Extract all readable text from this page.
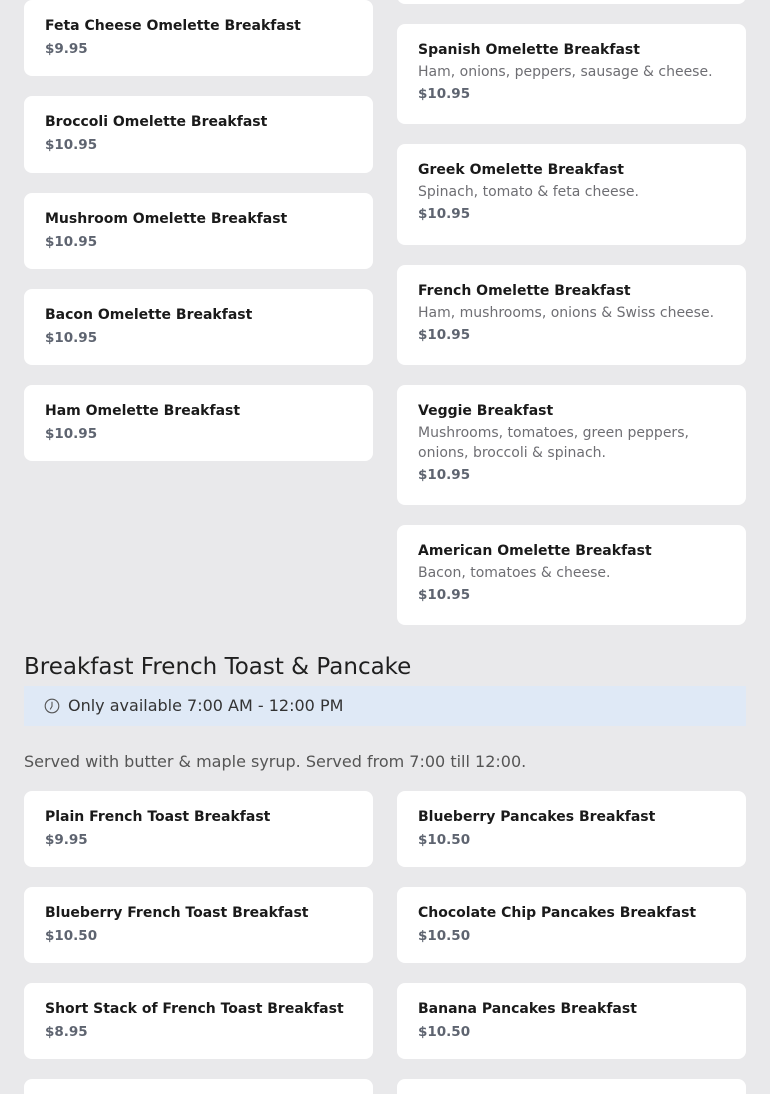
Feta Cheese Omelette Breakfast
$9.95
Broccoli Omelette Breakfast
$10.95
Mushroom Omelette Breakfast
$10.95
Bacon Omelette Breakfast
$10.95
Ham Omelette Breakfast
$10.95
Spanish Omelette Breakfast
Ham, onions, peppers, sausage & cheese.
$10.95
Greek Omelette Breakfast
Spinach, tomato & feta cheese.
$10.95
French Omelette Breakfast
Ham, mushrooms, onions & Swiss cheese.
$10.95
Veggie Breakfast
Mushrooms, tomatoes, green peppers, onions, broccoli & spinach.
$10.95
American Omelette Breakfast
Bacon, tomatoes & cheese.
$10.95
Breakfast French Toast & Pancake
Only available 7:00 AM - 12:00 PM
Served with butter & maple syrup. Served from 7:00 till 12:00.
Plain French Toast Breakfast
$9.95
Blueberry French Toast Breakfast
$10.50
Short Stack of French Toast Breakfast
$8.95
Blueberry Pancakes Breakfast
$10.50
Chocolate Chip Pancakes Breakfast
$10.50
Banana Pancakes Breakfast
$10.50
